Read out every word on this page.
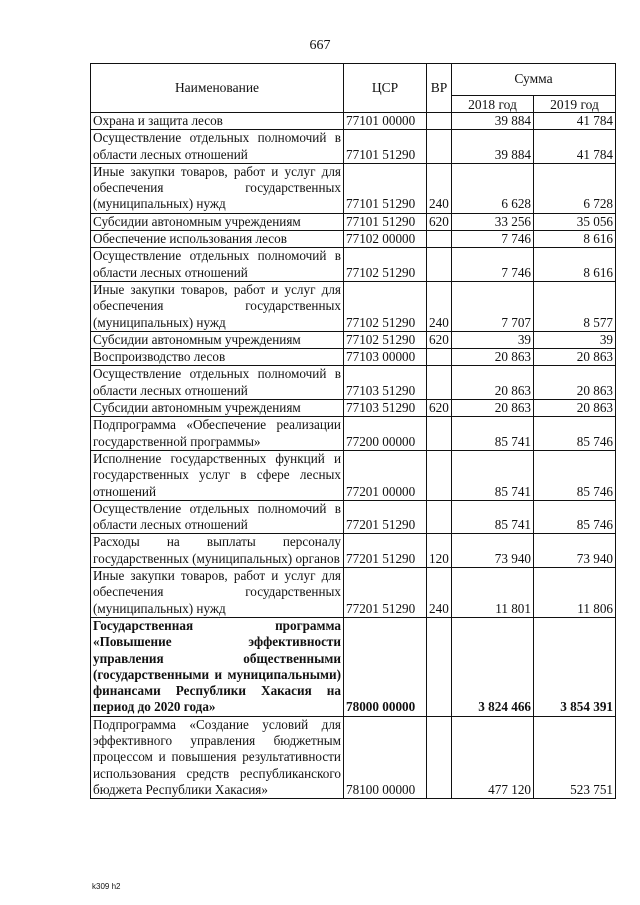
667
Наименование	ЦСР	ВР	Сумма	
			2018 год	2019 год
Охрана и защита лесов	77101 00000		39 884	41 784
Осуществление отдельных полномочий в области лесных отношений	77101 51290		39 884	41 784
Иные закупки товаров, работ и услуг для обеспечения государственных (муниципальных) нужд	77101 51290	240	6 628	6 728
Субсидии автономным учреждениям	77101 51290	620	33 256	35 056
Обеспечение использования лесов	77102 00000		7 746	8 616
Осуществление отдельных полномочий в области лесных отношений	77102 51290		7 746	8 616
Иные закупки товаров, работ и услуг для обеспечения государственных (муниципальных) нужд	77102 51290	240	7 707	8 577
Субсидии автономным учреждениям	77102 51290	620	39	39
Воспроизводство лесов	77103 00000		20 863	20 863
Осуществление отдельных полномочий в области лесных отношений	77103 51290		20 863	20 863
Субсидии автономным учреждениям	77103 51290	620	20 863	20 863
Подпрограмма «Обеспечение реализации государственной программы»	77200 00000		85 741	85 746
Исполнение государственных функций и государственных услуг в сфере лесных отношений	77201 00000		85 741	85 746
Осуществление отдельных полномочий в области лесных отношений	77201 51290		85 741	85 746
Расходы на выплаты персоналу государственных (муниципальных) органов	77201 51290	120	73 940	73 940
Иные закупки товаров, работ и услуг для обеспечения государственных (муниципальных) нужд	77201 51290	240	11 801	11 806
Государственная программа «Повышение эффективности управления общественными (государственными и муниципальными) финансами Республики Хакасия на период до 2020 года»	78000 00000		3 824 466	3 854 391
Подпрограмма «Создание условий для эффективного управления бюджетным процессом и повышения результативности использования средств республиканского бюджета Республики Хакасия»	78100 00000		477 120	523 751
k309 h2
